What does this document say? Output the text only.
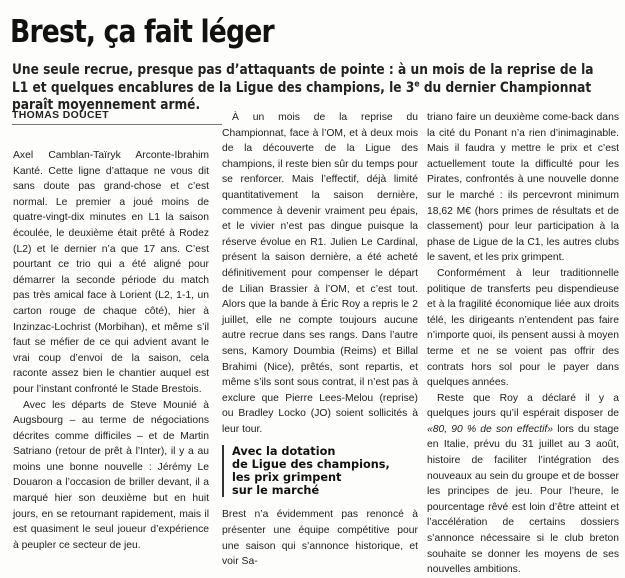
Brest, ça fait léger
Une seule recrue, presque pas d’attaquants de pointe : à un mois de la reprise de la L1 et quelques encablures de la Ligue des champions, le 3e du dernier Championnat paraît moyennement armé.
THOMAS DOUCET

Axel Camblan-Taïryk Arconte-Ibrahim Kanté. Cette ligne d’attaque ne vous dit sans doute pas grand-chose et c’est normal. Le premier a joué moins de quatre-vingt-dix minutes en L1 la saison écoulée, le deuxième était prêté à Rodez (L2) et le dernier n’a que 17 ans. C’est pourtant ce trio qui a été aligné pour démarrer la seconde période du match pas très amical face à Lorient (L2, 1-1, un carton rouge de chaque côté), hier à Inzinzac-Lochrist (Morbihan), et même s’il faut se méfier de ce qui advient avant le vrai coup d’envoi de la saison, cela raconte assez bien le chantier auquel est pour l’instant confronté le Stade Brestois.

Avec les départs de Steve Mounié à Augsbourg – au terme de négociations décrites comme difficiles – et de Martin Satriano (retour de prêt à l’Inter), il y a au moins une bonne nouvelle : Jérémy Le Douaron a l’occasion de briller devant, il a marqué hier son deuxième but en huit jours, en se retournant rapidement, mais il est quasiment le seul joueur d’expérience à peupler ce secteur de jeu.

À un mois de la reprise du Championnat, face à l’OM, et à deux mois de la découverte de la Ligue des champions, il reste bien sûr du temps pour se renforcer. Mais l’effectif, déjà limité quantitativement la saison dernière, commence à devenir vraiment peu épais, et le vivier n’est pas dingue puisque la réserve évolue en R1. Julien Le Cardinal, présent la saison dernière, a été acheté définitivement pour compenser le départ de Lilian Brassier à l’OM, et c’est tout. Alors que la bande à Éric Roy a repris le 2 juillet, elle ne compte toujours aucune autre recrue dans ses rangs. Dans l’autre sens, Kamory Doumbia (Reims) et Billal Brahimi (Nice), prêtés, sont repartis, et même s’ils sont sous contrat, il n’est pas à exclure que Pierre Lees-Melou (reprise) ou Bradley Locko (JO) soient sollicités à leur tour.

Avec la dotation
de Ligue des champions,
les prix grimpent
sur le marché

Brest n’a évidemment pas renoncé à présenter une équipe compétitive pour une saison qui s’annonce historique, et voir Sa-

triano faire un deuxième come-back dans la cité du Ponant n’a rien d’inimaginable. Mais il faudra y mettre le prix et c’est actuellement toute la difficulté pour les Pirates, confrontés à une nouvelle donne sur le marché : ils percevront minimum 18,62 M€ (hors primes de résultats et de classement) pour leur participation à la phase de Ligue de la C1, les autres clubs le savent, et les prix grimpent.

Conformément à leur traditionnelle politique de transferts peu dispendieuse et à la fragilité économique liée aux droits télé, les dirigeants n’entendent pas faire n’importe quoi, ils pensent aussi à moyen terme et ne se voient pas offrir des contrats hors sol pour le payer dans quelques années.

Reste que Roy a déclaré il y a quelques jours qu’il espérait disposer de «80, 90 % de son effectif» lors du stage en Italie, prévu du 31 juillet au 3 août, histoire de faciliter l’intégration des nouveaux au sein du groupe et de bosser les principes de jeu. Pour l’heure, le pourcentage rêvé est loin d’être atteint et l’accélération de certains dossiers s’annonce nécessaire si le club breton souhaite se donner les moyens de ses nouvelles ambitions.
